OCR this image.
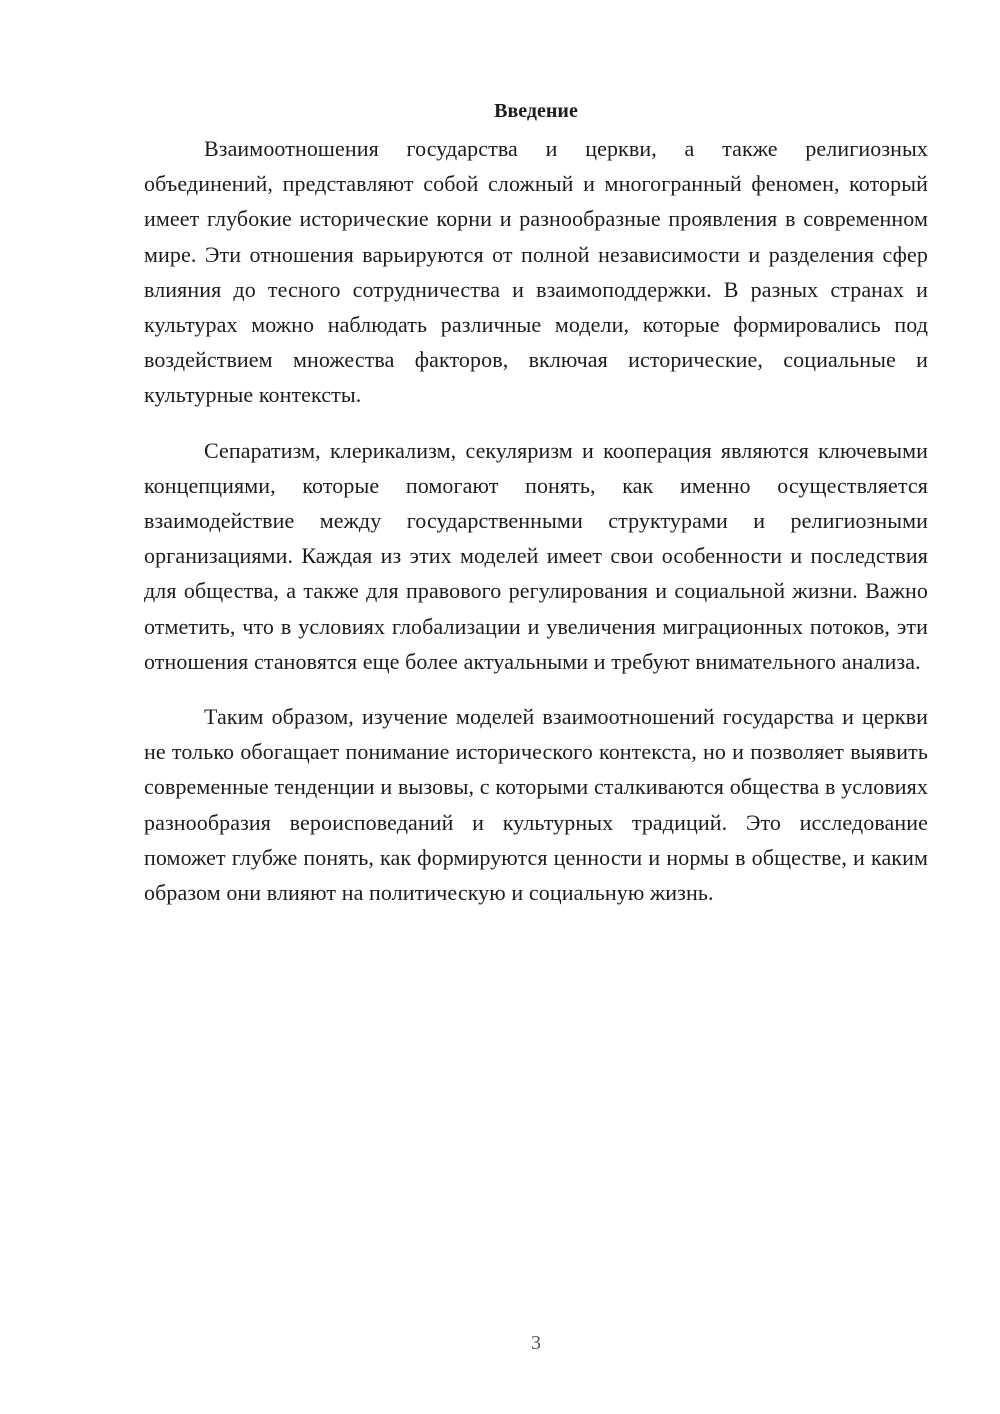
Введение

Взаимоотношения государства и церкви, а также религиозных объединений, представляют собой сложный и многогранный феномен, который имеет глубокие исторические корни и разнообразные проявления в современном мире. Эти отношения варьируются от полной независимости и разделения сфер влияния до тесного сотрудничества и взаимоподдержки. В разных странах и культурах можно наблюдать различные модели, которые формировались под воздействием множества факторов, включая исторические, социальные и культурные контексты.

Сепаратизм, клерикализм, секуляризм и кооперация являются ключевыми концепциями, которые помогают понять, как именно осуществляется взаимодействие между государственными структурами и религиозными организациями. Каждая из этих моделей имеет свои особенности и последствия для общества, а также для правового регулирования и социальной жизни. Важно отметить, что в условиях глобализации и увеличения миграционных потоков, эти отношения становятся еще более актуальными и требуют внимательного анализа.

Таким образом, изучение моделей взаимоотношений государства и церкви не только обогащает понимание исторического контекста, но и позволяет выявить современные тенденции и вызовы, с которыми сталкиваются общества в условиях разнообразия вероисповеданий и культурных традиций. Это исследование поможет глубже понять, как формируются ценности и нормы в обществе, и каким образом они влияют на политическую и социальную жизнь.

3
